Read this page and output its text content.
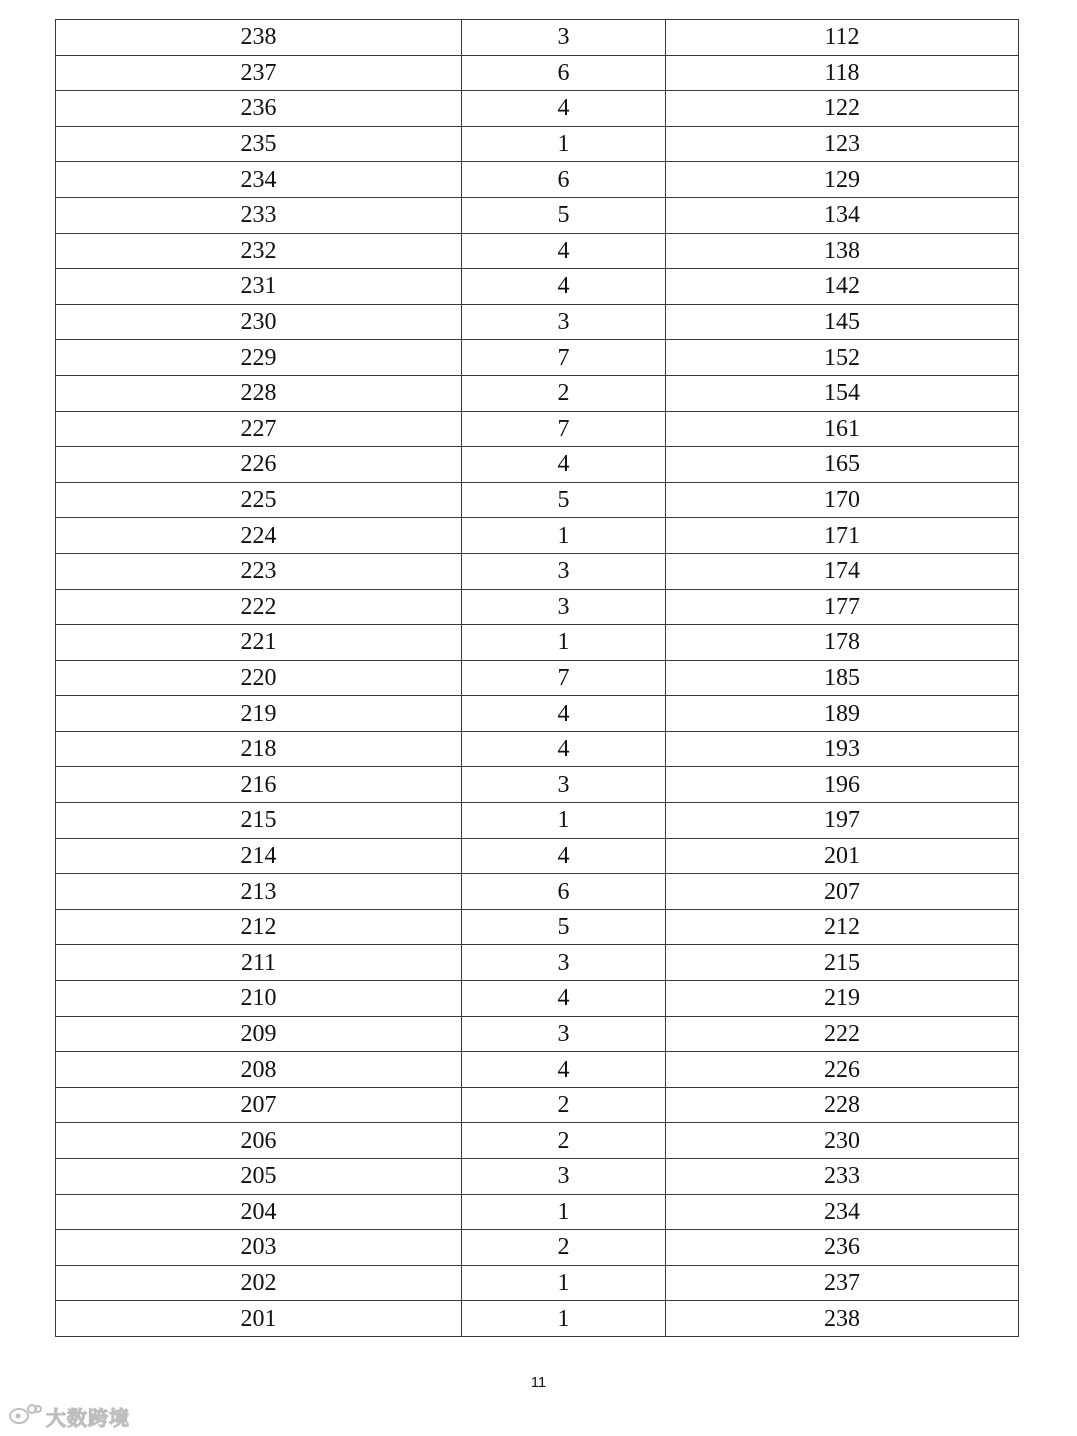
238	3	112
237	6	118
236	4	122
235	1	123
234	6	129
233	5	134
232	4	138
231	4	142
230	3	145
229	7	152
228	2	154
227	7	161
226	4	165
225	5	170
224	1	171
223	3	174
222	3	177
221	1	178
220	7	185
219	4	189
218	4	193
216	3	196
215	1	197
214	4	201
213	6	207
212	5	212
211	3	215
210	4	219
209	3	222
208	4	226
207	2	228
206	2	230
205	3	233
204	1	234
203	2	236
202	1	237
201	1	238
11
大数跨境
